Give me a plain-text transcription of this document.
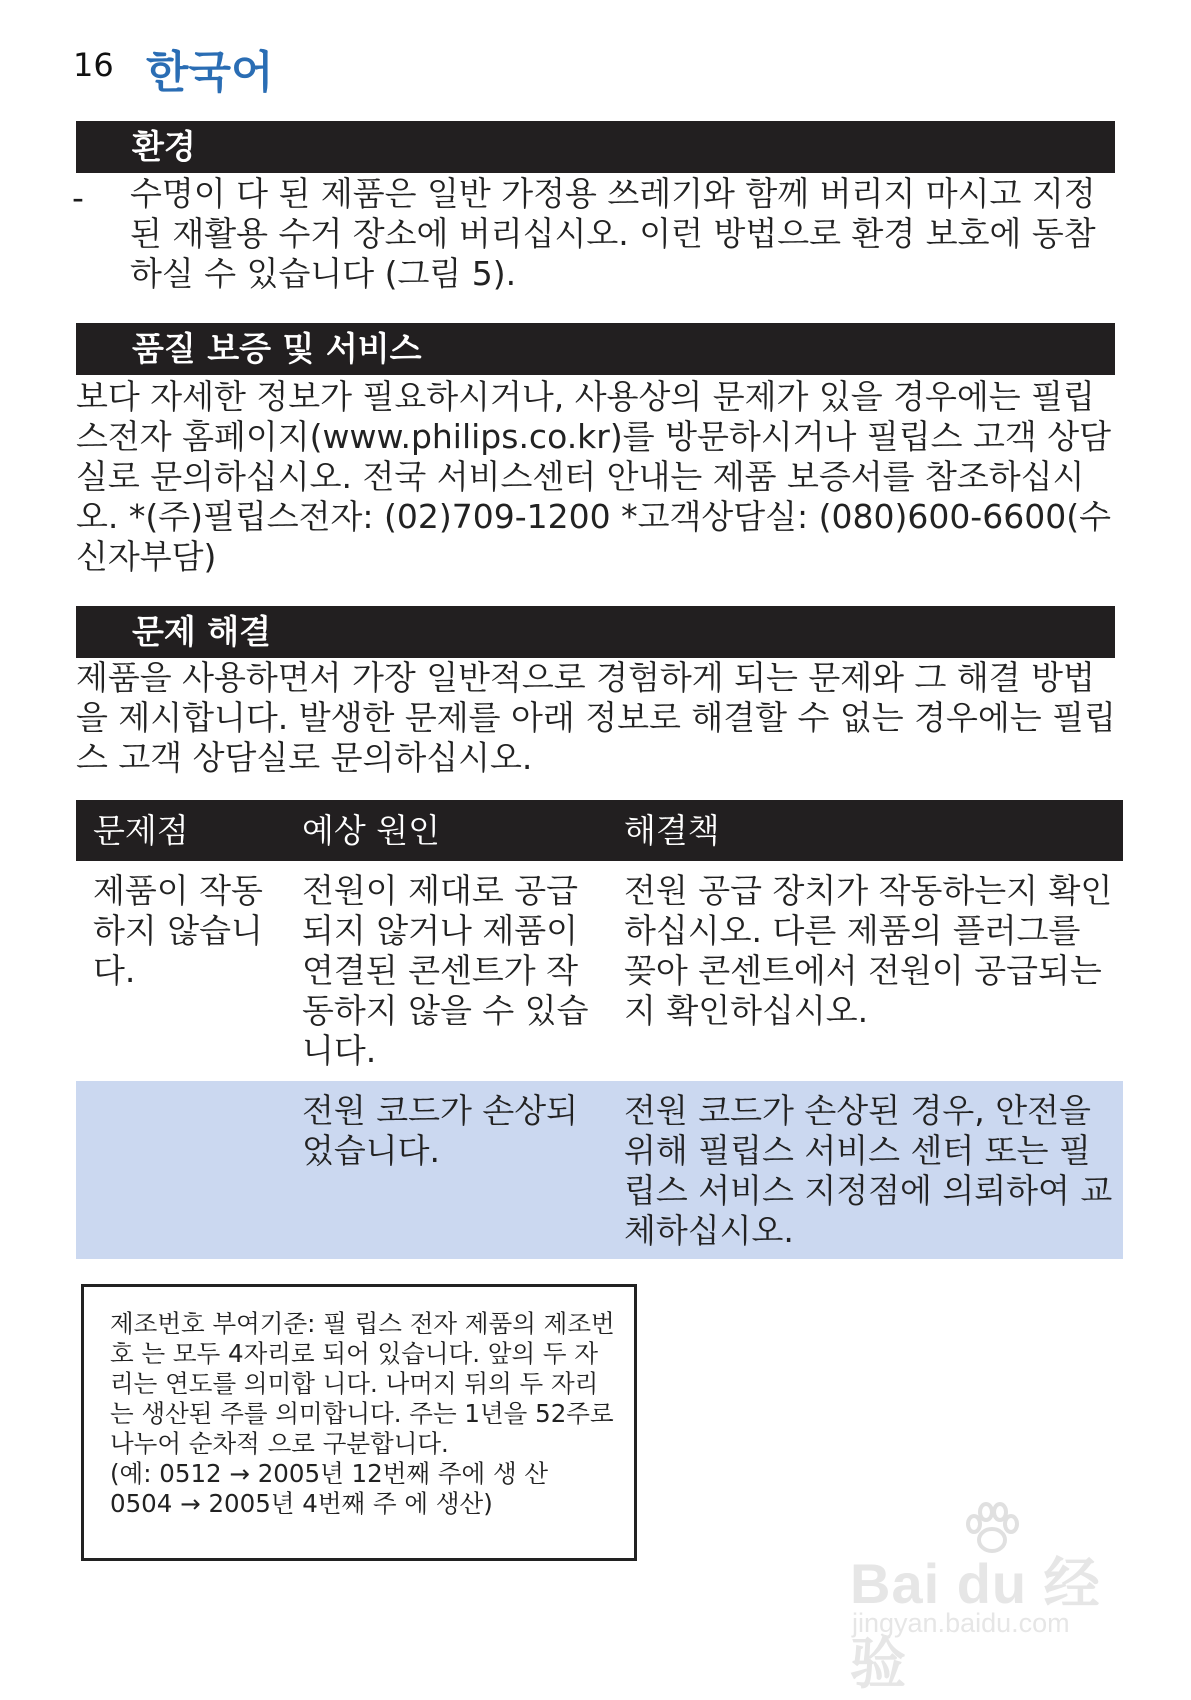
16 한국어
환경
- 수명이 다 된 제품은 일반 가정용 쓰레기와 함께 버리지 마시고 지정된 재활용 수거 장소에 버리십시오. 이런 방법으로 환경 보호에 동참하실 수 있습니다 (그림 5).
품질 보증 및 서비스
보다 자세한 정보가 필요하시거나, 사용상의 문제가 있을 경우에는 필립스전자 홈페이지(www.philips.co.kr)를 방문하시거나 필립스 고객 상담실로 문의하십시오. 전국 서비스센터 안내는 제품 보증서를 참조하십시오. *(주)필립스전자: (02)709-1200 *고객상담실: (080)600-6600(수신자부담)
문제 해결
제품을 사용하면서 가장 일반적으로 경험하게 되는 문제와 그 해결 방법을 제시합니다. 발생한 문제를 아래 정보로 해결할 수 없는 경우에는 필립스 고객 상담실로 문의하십시오.
문제점	예상 원인	해결책
제품이 작동하지 않습니다.
전원이 제대로 공급되지 않거나 제품이 연결된 콘센트가 작동하지 않을 수 있습니다.
전원 공급 장치가 작동하는지 확인하십시오. 다른 제품의 플러그를 꽂아 콘센트에서 전원이 공급되는지 확인하십시오.
전원 코드가 손상되었습니다.
전원 코드가 손상된 경우, 안전을 위해 필립스 서비스 센터 또는 필립스 서비스 지정점에 의뢰하여 교체하십시오.
제조번호 부여기준: 필 립스 전자 제품의 제조번호 는 모두 4자리로 되어 있습니다. 앞의 두 자리는 연도를 의미합 니다. 나머지 뒤의 두 자리 는 생산된 주를 의미합니다. 주는 1년을 52주로 나누어 순차적 으로 구분합니다.
(예: 0512 → 2005년 12번째 주에 생 산 0504 → 2005년 4번째 주 에 생산)
Bai du 经验
jingyan.baidu.com
